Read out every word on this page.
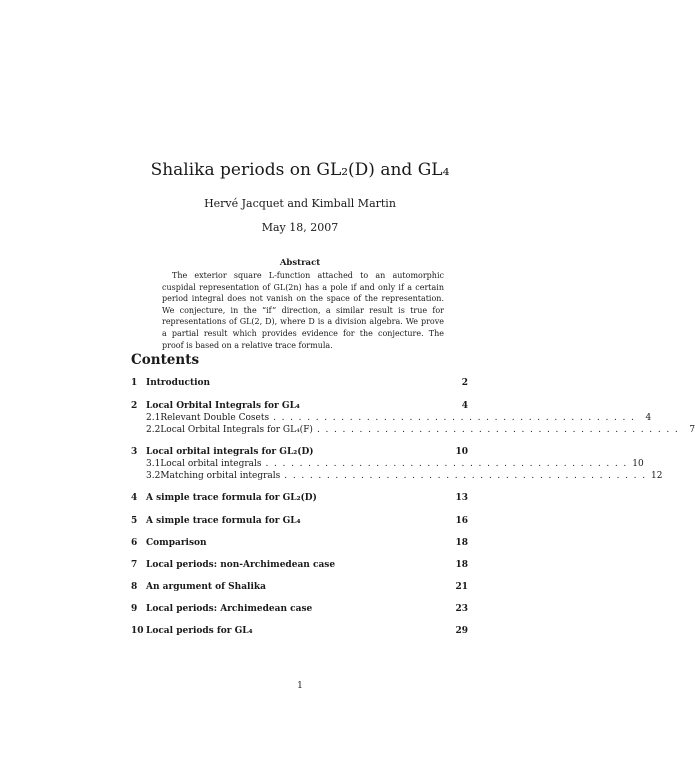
Shalika periods on GL₂(D) and GL₄
Hervé Jacquet and Kimball Martin
May 18, 2007
Abstract
The exterior square L-function attached to an automorphic cuspidal representation of GL(2n) has a pole if and only if a certain period integral does not vanish on the space of the representation. We conjecture, in the “if” direction, a similar result is true for representations of GL(2, D), where D is a division algebra. We prove a partial result which provides evidence for the conjecture. The proof is based on a relative trace formula.
Contents
1 Introduction	2
2 Local Orbital Integrals for GL₄	4
2.1 Relevant Double Cosets . . . . . . . . . . . . . . . . . . . . . . . . . . . . . . . . . . . . . . . . . . .	4
2.2 Local Orbital Integrals for GL₄(F) . . . . . . . . . . . . . . . . . . . . . . . . . . . . . . . . . . . . . . . . . . .	7
3 Local orbital integrals for GL₂(D)	10
3.1 Local orbital integrals . . . . . . . . . . . . . . . . . . . . . . . . . . . . . . . . . . . . . . . . . . . 10
3.2 Matching orbital integrals . . . . . . . . . . . . . . . . . . . . . . . . . . . . . . . . . . . . . . . . . . . 12
4 A simple trace formula for GL₂(D)	13
5 A simple trace formula for GL₄	16
6 Comparison	18
7 Local periods: non-Archimedean case	18
8 An argument of Shalika	21
9 Local periods: Archimedean case	23
10 Local periods for GL₄	29
1
